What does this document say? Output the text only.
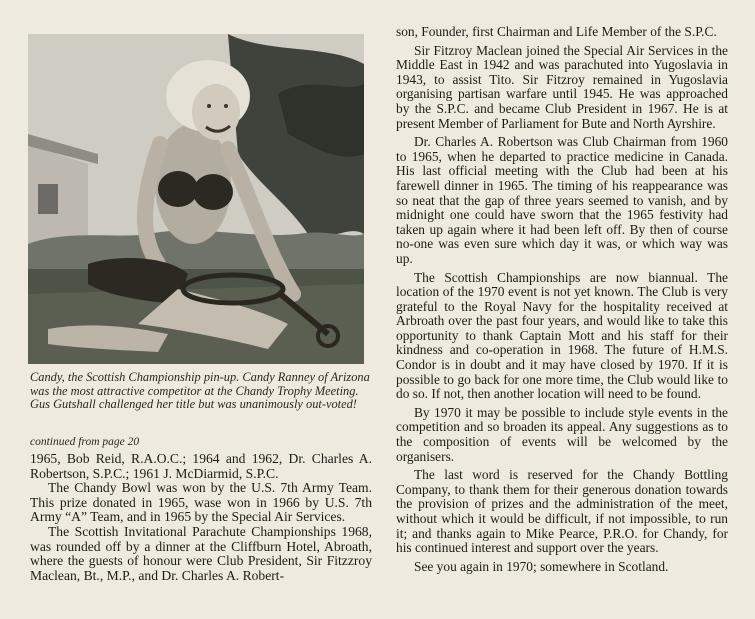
Candy, the Scottish Championship pin-up. Candy Ranney of Arizona was the most attractive competitor at the Chandy Trophy Meeting. Gus Gutshall challenged her title but was unanimously out-voted!

continued from page 20

1965, Bob Reid, R.A.O.C.; 1964 and 1962, Dr. Charles A. Robertson, S.P.C.; 1961 J. McDiarmid, S.P.C.

The Chandy Bowl was won by the U.S. 7th Army Team. This prize donated in 1965, wase won in 1966 by U.S. 7th Army “A” Team, and in 1965 by the Special Air Services.

The Scottish Invitational Parachute Championships 1968, was rounded off by a dinner at the Cliffburn Hotel, Abroath, where the guests of honour were Club President, Sir Fitzzroy Maclean, Bt., M.P., and Dr. Charles A. Robert-

son, Founder, first Chairman and Life Member of the S.P.C.

Sir Fitzroy Maclean joined the Special Air Services in the Middle East in 1942 and was parachuted into Yugoslavia in 1943, to assist Tito. Sir Fitzroy remained in Yugoslavia organising partisan warfare until 1945. He was approached by the S.P.C. and became Club President in 1967. He is at present Member of Parliament for Bute and North Ayrshire.

Dr. Charles A. Robertson was Club Chairman from 1960 to 1965, when he departed to practice medicine in Canada. His last official meeting with the Club had been at his farewell dinner in 1965. The timing of his reappearance was so neat that the gap of three years seemed to vanish, and by midnight one could have sworn that the 1965 festivity had taken up again where it had been left off. By then of course no-one was even sure which day it was, or which way was up.

The Scottish Championships are now biannual. The location of the 1970 event is not yet known. The Club is very grateful to the Royal Navy for the hospitality received at Arbroath over the past four years, and would like to take this opportunity to thank Captain Mott and his staff for their kindness and co-operation in 1968. The future of H.M.S. Condor is in doubt and it may have closed by 1970. If it is possible to go back for one more time, the Club would like to do so. If not, then another location will need to be found.

By 1970 it may be possible to include style events in the competition and so broaden its appeal. Any suggestions as to the composition of events will be welcomed by the organisers.

The last word is reserved for the Chandy Bottling Company, to thank them for their generous donation towards the provision of prizes and the administration of the meet, without which it would be difficult, if not impossible, to run it; and thanks again to Mike Pearce, P.R.O. for Chandy, for his continued interest and support over the years.

See you again in 1970; somewhere in Scotland.
